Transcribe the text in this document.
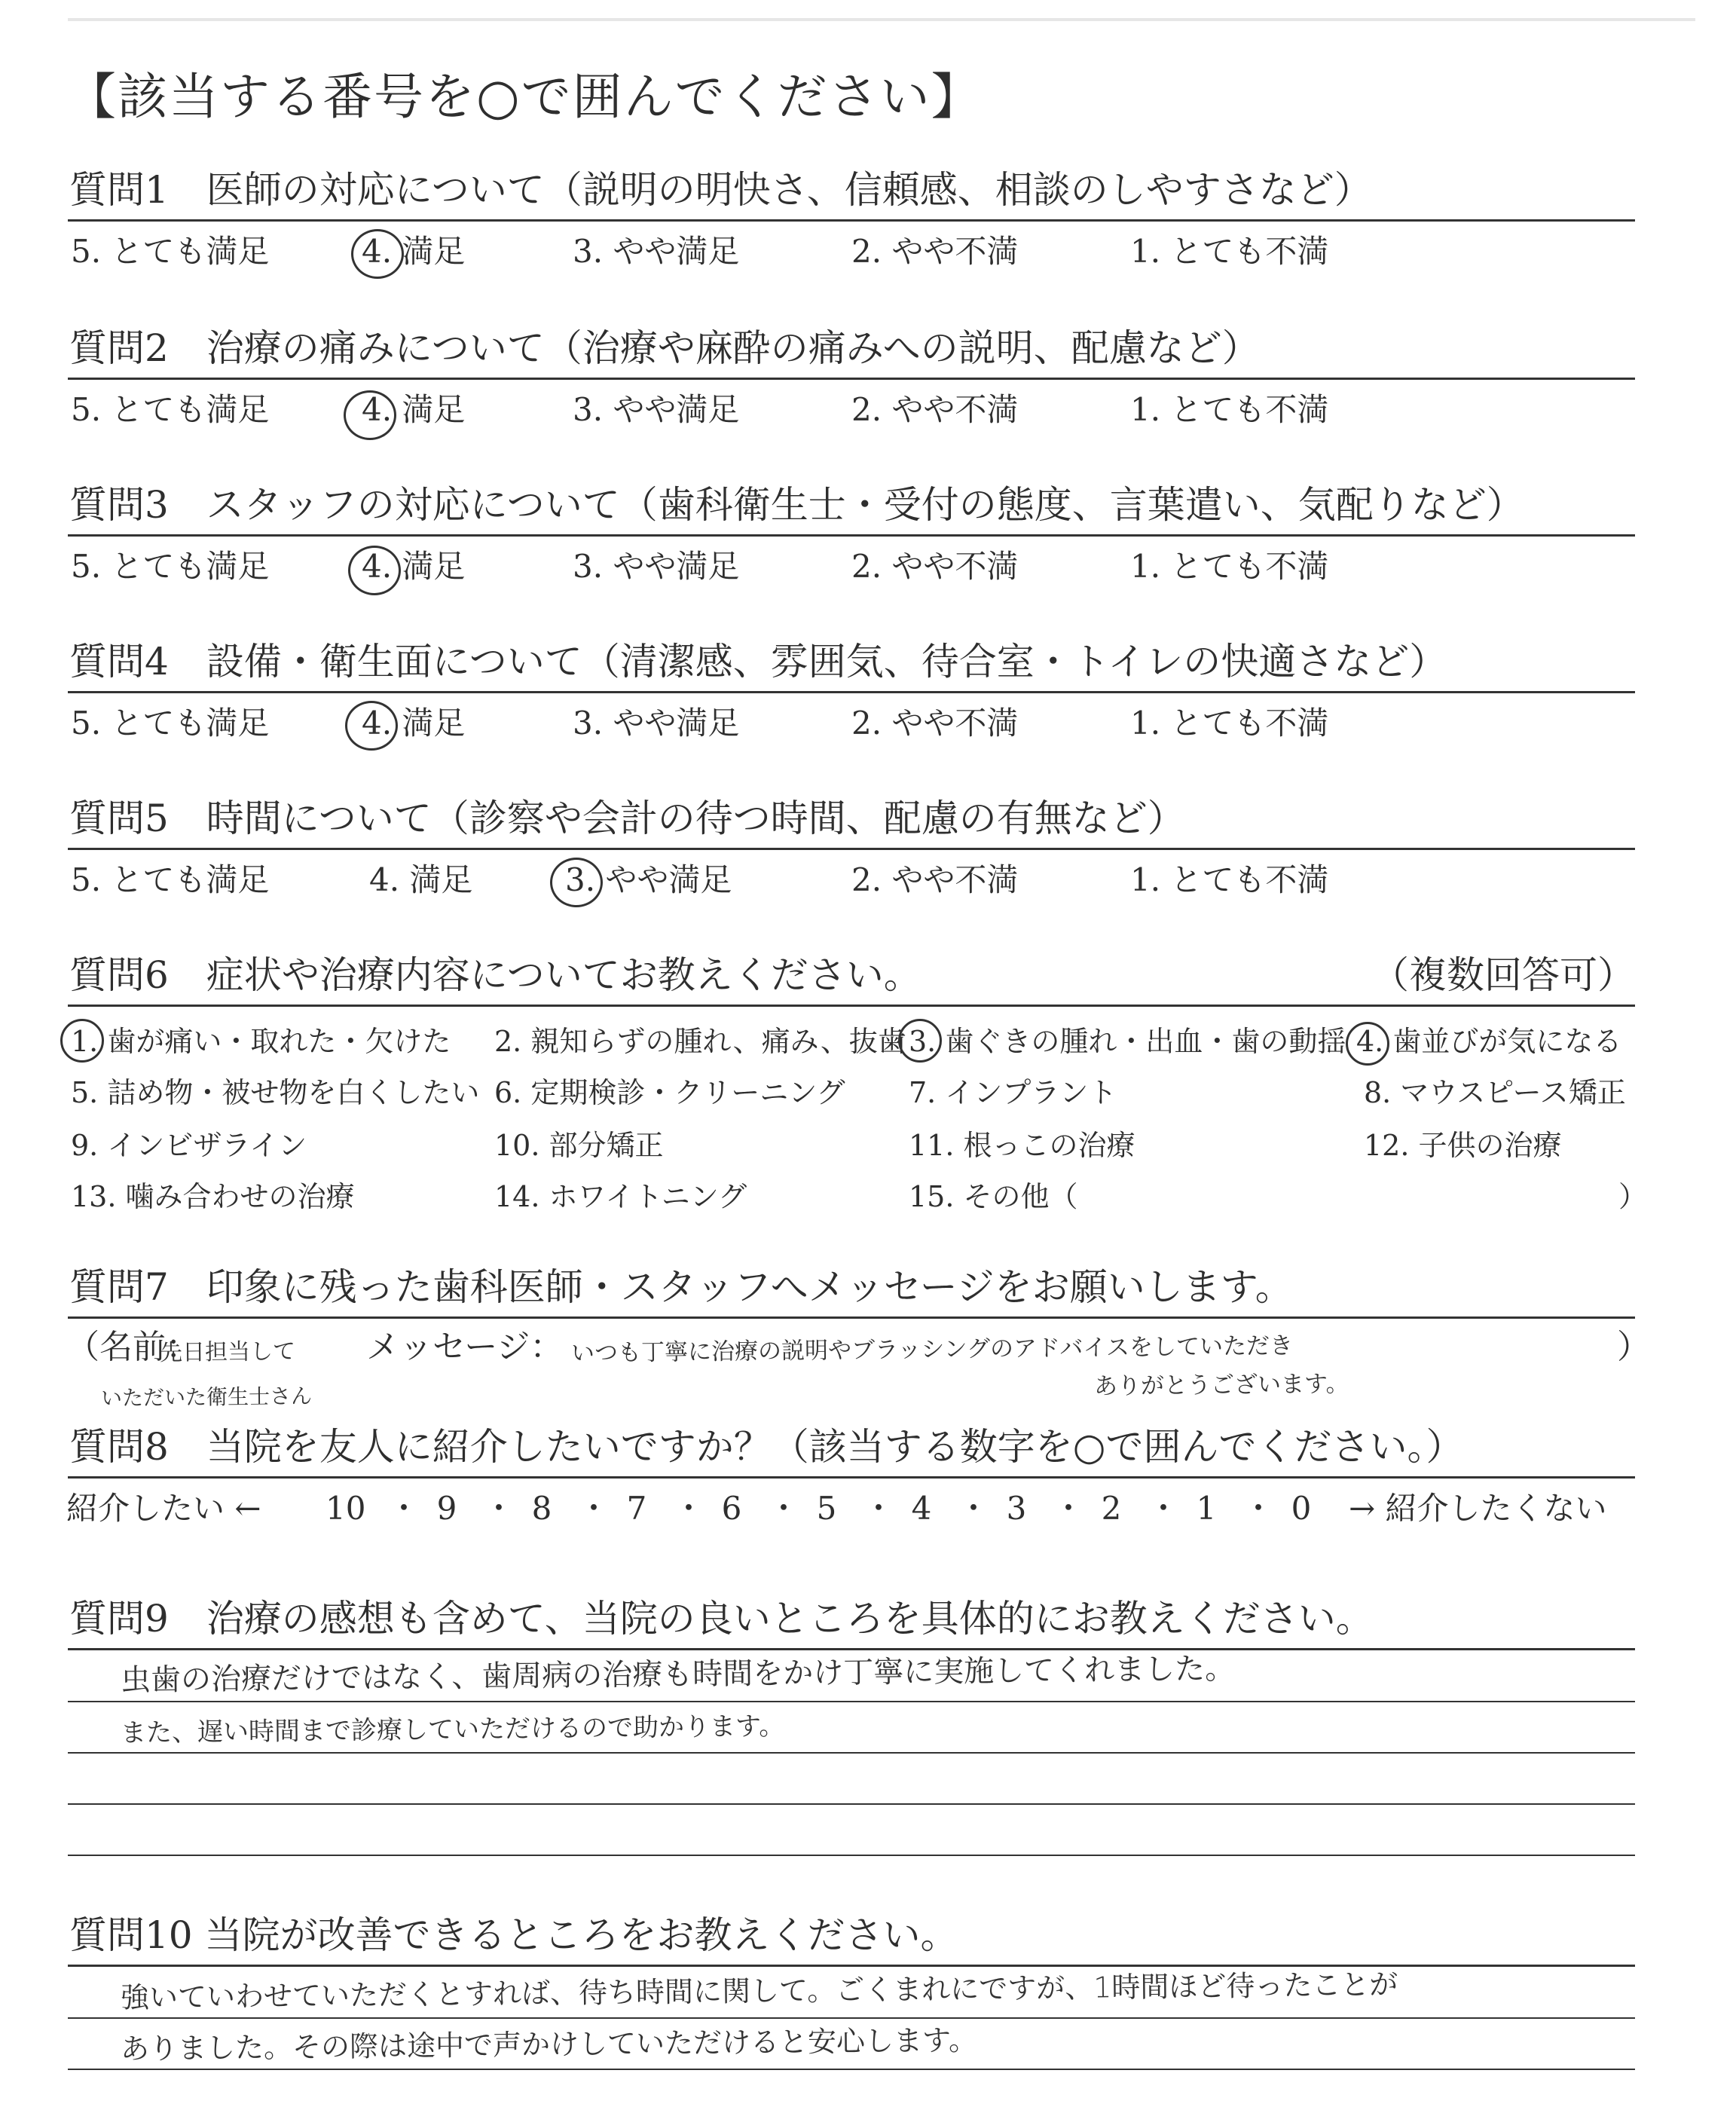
【該当する番号を○で囲んでください】
質問1　医師の対応について（説明の明快さ、信頼感、相談のしやすさなど）
5. とても満足	4. 満足	3. やや満足	2. やや不満	1. とても不満
質問2　治療の痛みについて（治療や麻酔の痛みへの説明、配慮など）
5. とても満足	4. 満足	3. やや満足	2. やや不満	1. とても不満
質問3　スタッフの対応について（歯科衛生士・受付の態度、言葉遣い、気配りなど）
5. とても満足	4. 満足	3. やや満足	2. やや不満	1. とても不満
質問4　設備・衛生面について（清潔感、雰囲気、待合室・トイレの快適さなど）
5. とても満足	4. 満足	3. やや満足	2. やや不満	1. とても不満
質問5　時間について（診察や会計の待つ時間、配慮の有無など）
5. とても満足	4. 満足	3. やや満足	2. やや不満	1. とても不満
質問6　症状や治療内容についてお教えください。	（複数回答可）
1. 歯が痛い・取れた・欠けた 2. 親知らずの腫れ、痛み、抜歯 3. 歯ぐきの腫れ・出血・歯の動揺 4. 歯並びが気になる
5. 詰め物・被せ物を白くしたい 6. 定期検診・クリーニング 7. インプラント	8. マウスピース矯正
9. インビザライン	10. 部分矯正	11. 根っこの治療	12. 子供の治療
13. 噛み合わせの治療	14. ホワイトニング	15. その他（	）
質問7　印象に残った歯科医師・スタッフへメッセージをお願いします。
（名前：	メッセージ：	）
先日担当して
いただいた衛生士さん
いつも丁寧に治療の説明やブラッシングのアドバイスをしていただき
ありがとうございます。
質問8　当院を友人に紹介したいですか？（該当する数字を○で囲んでください。）
紹介したい ←	→ 紹介したくない
10 ・ 9 ・ 8 ・ 7 ・ 6 ・ 5 ・ 4 ・ 3 ・ 2 ・ 1 ・ 0
質問9　治療の感想も含めて、当院の良いところを具体的にお教えください。
虫歯の治療だけではなく、歯周病の治療も時間をかけ丁寧に実施してくれました。
また、遅い時間まで診療していただけるので助かります。
質問10 当院が改善できるところをお教えください。
強いていわせていただくとすれば、待ち時間に関して。ごくまれにですが、1時間ほど待ったことが
ありました。その際は途中で声かけしていただけると安心します。
